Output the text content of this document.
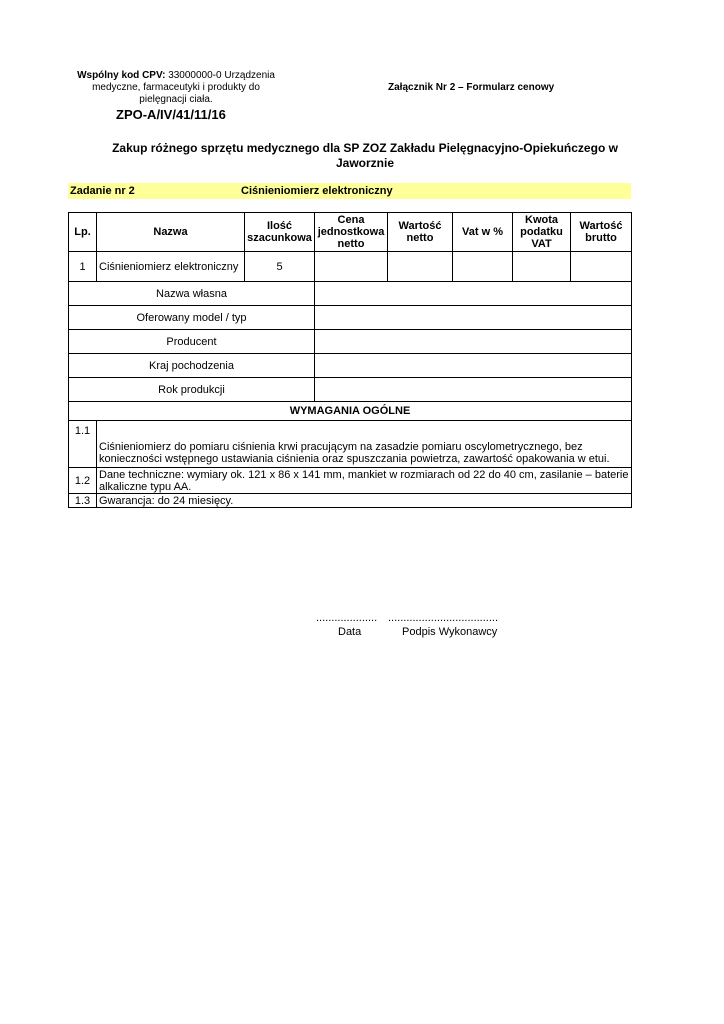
Wspólny kod CPV: 33000000-0 Urządzenia
medyczne, farmaceutyki i produkty do
pielęgnacji ciała.
Załącznik Nr 2 – Formularz cenowy
ZPO-A/IV/41/11/16
Zakup różnego sprzętu medycznego dla SP ZOZ Zakładu Pielęgnacyjno-Opiekuńczego w
Jaworznie
Zadanie nr 2	Ciśnieniomierz elektroniczny
Lp.	Nazwa	Ilość szacunkowa	Cena jednostkowa netto	Wartość netto	Vat w %	Kwota podatku VAT	Wartość brutto
1	Ciśnieniomierz elektroniczny	5					
Nazwa własna							
Oferowany model / typ							
Producent							
Kraj pochodzenia							
Rok produkcji							
WYMAGANIA OGÓLNE							
1.1	Ciśnieniomierz do pomiaru ciśnienia krwi pracującym na zasadzie pomiaru oscylometrycznego, bez konieczności wstępnego ustawiania ciśnienia oraz spuszczania powietrza, zawartość opakowania w etui.						
1.2	Dane techniczne: wymiary ok. 121 x 86 x 141 mm, mankiet w rozmiarach od 22 do 40 cm, zasilanie – baterie alkaliczne typu AA.						
1.3	Gwarancja: do 24 miesięcy.						
.................... ....................................
Data	Podpis Wykonawcy
